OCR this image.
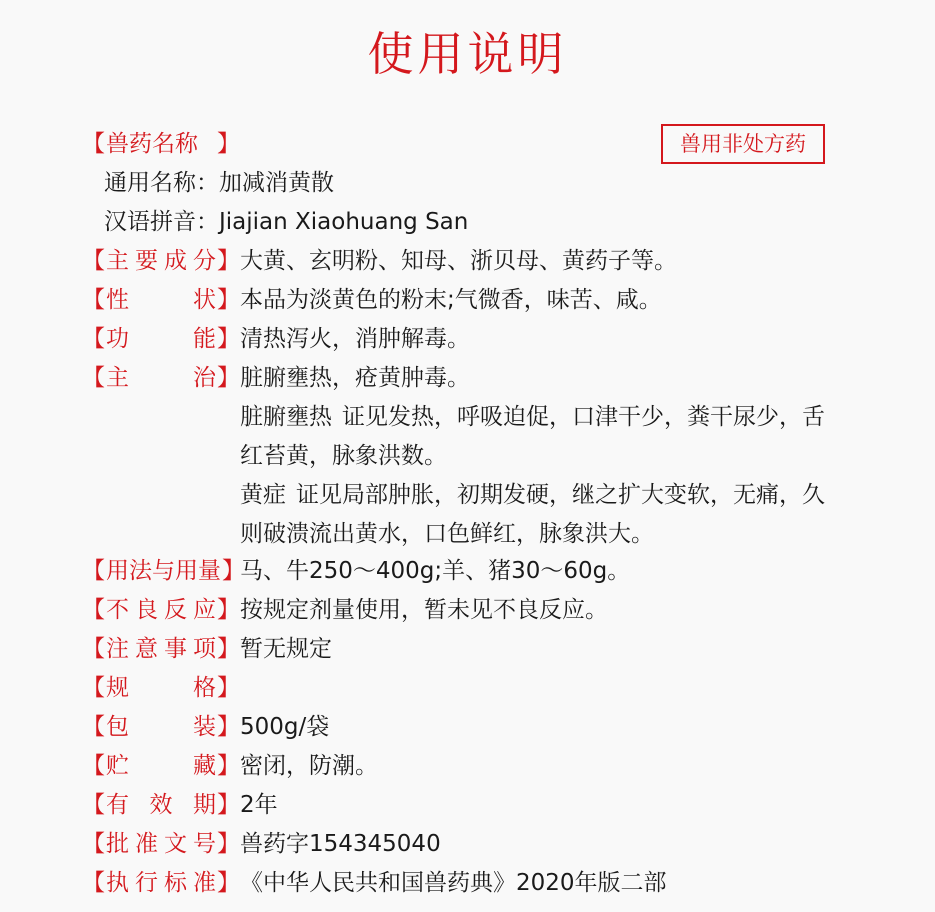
使用说明
兽用非处方药
【 兽药名称 】
通用名称：加减消黄散
汉语拼音：Jiajian Xiaohuang San
【 主 要 成 分 】 大黄、玄明粉、知母、浙贝母、黄药子等。
【 性	状 】 本品为淡黄色的粉末;气微香，味苦、咸。
【 功	能 】 清热泻火，消肿解毒。
【 主	治 】 脏腑壅热，疮黄肿毒。
脏腑壅热 证见发热，呼吸迫促，口津干少，粪干尿少，舌红苔黄，脉象洪数。
黄症 证见局部肿胀，初期发硬，继之扩大变软，无痛，久则破溃流出黄水，口色鲜红，脉象洪大。
【 用 法 与 用 量 】
马、牛250～400g;羊、猪30～60g。
【 不 良 反 应 】 按规定剂量使用，暂未见不良反应。
【 注 意 事 项 】 暂无规定
【 规	格 】
【 包	装 】 500g/袋
【 贮	藏 】 密闭，防潮。
【 有 效 期 】 2年
【 批 准 文 号 】 兽药字154345040
【 执 行 标 准 】 《中华人民共和国兽药典》2020年版二部
